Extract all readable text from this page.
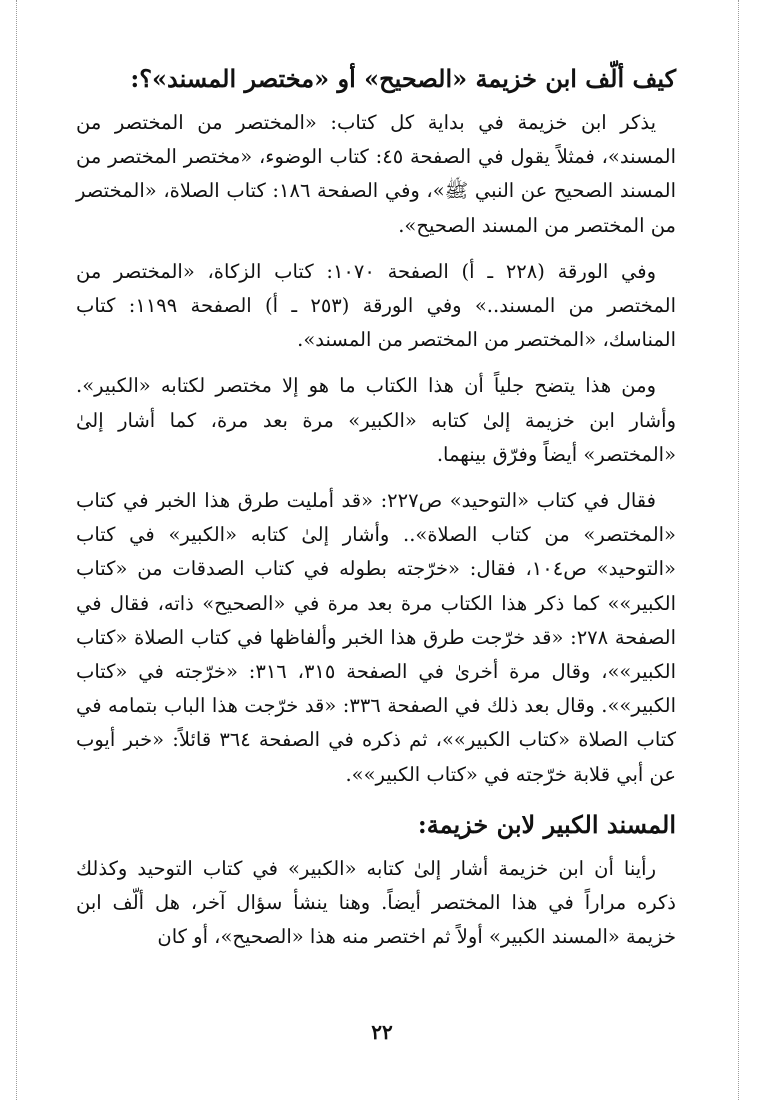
كيف ألّف ابن خزيمة «الصحيح» أو «مختصر المسند»؟:

يذكر ابن خزيمة في بداية كل كتاب: «المختصر من المختصر من المسند»، فمثلاً يقول في الصفحة ٤٥: كتاب الوضوء، «مختصر المختصر من المسند الصحيح عن النبي ﷺ»، وفي الصفحة ١٨٦: كتاب الصلاة، «المختصر من المختصر من المسند الصحيح».

وفي الورقة (٢٢٨ ـ أ) الصفحة ١٠٧٠: كتاب الزكاة، «المختصر من المختصر من المسند..» وفي الورقة (٢٥٣ ـ أ) الصفحة ١١٩٩: كتاب المناسك، «المختصر من المختصر من المسند».

ومن هذا يتضح جلياً أن هذا الكتاب ما هو إلا مختصر لكتابه «الكبير». وأشار ابن خزيمة إلىٰ كتابه «الكبير» مرة بعد مرة، كما أشار إلىٰ «المختصر» أيضاً وفرّق بينهما.

فقال في كتاب «التوحيد» ص٢٢٧: «قد أمليت طرق هذا الخبر في كتاب «المختصر» من كتاب الصلاة».. وأشار إلىٰ كتابه «الكبير» في كتاب «التوحيد» ص١٠٤، فقال: «خرّجته بطوله في كتاب الصدقات من «كتاب الكبير»» كما ذكر هذا الكتاب مرة بعد مرة في «الصحيح» ذاته، فقال في الصفحة ٢٧٨: «قد خرّجت طرق هذا الخبر وألفاظها في كتاب الصلاة «كتاب الكبير»»، وقال مرة أخرىٰ في الصفحة ٣١٥، ٣١٦: «خرّجته في «كتاب الكبير»». وقال بعد ذلك في الصفحة ٣٣٦: «قد خرّجت هذا الباب بتمامه في كتاب الصلاة «كتاب الكبير»»، ثم ذكره في الصفحة ٣٦٤ قائلاً: «خبر أيوب عن أبي قلابة خرّجته في «كتاب الكبير»».

المسند الكبير لابن خزيمة:

رأينا أن ابن خزيمة أشار إلىٰ كتابه «الكبير» في كتاب التوحيد وكذلك ذكره مراراً في هذا المختصر أيضاً. وهنا ينشأ سؤال آخر، هل ألّف ابن خزيمة «المسند الكبير» أولاً ثم اختصر منه هذا «الصحيح»، أو كان

٢٢
